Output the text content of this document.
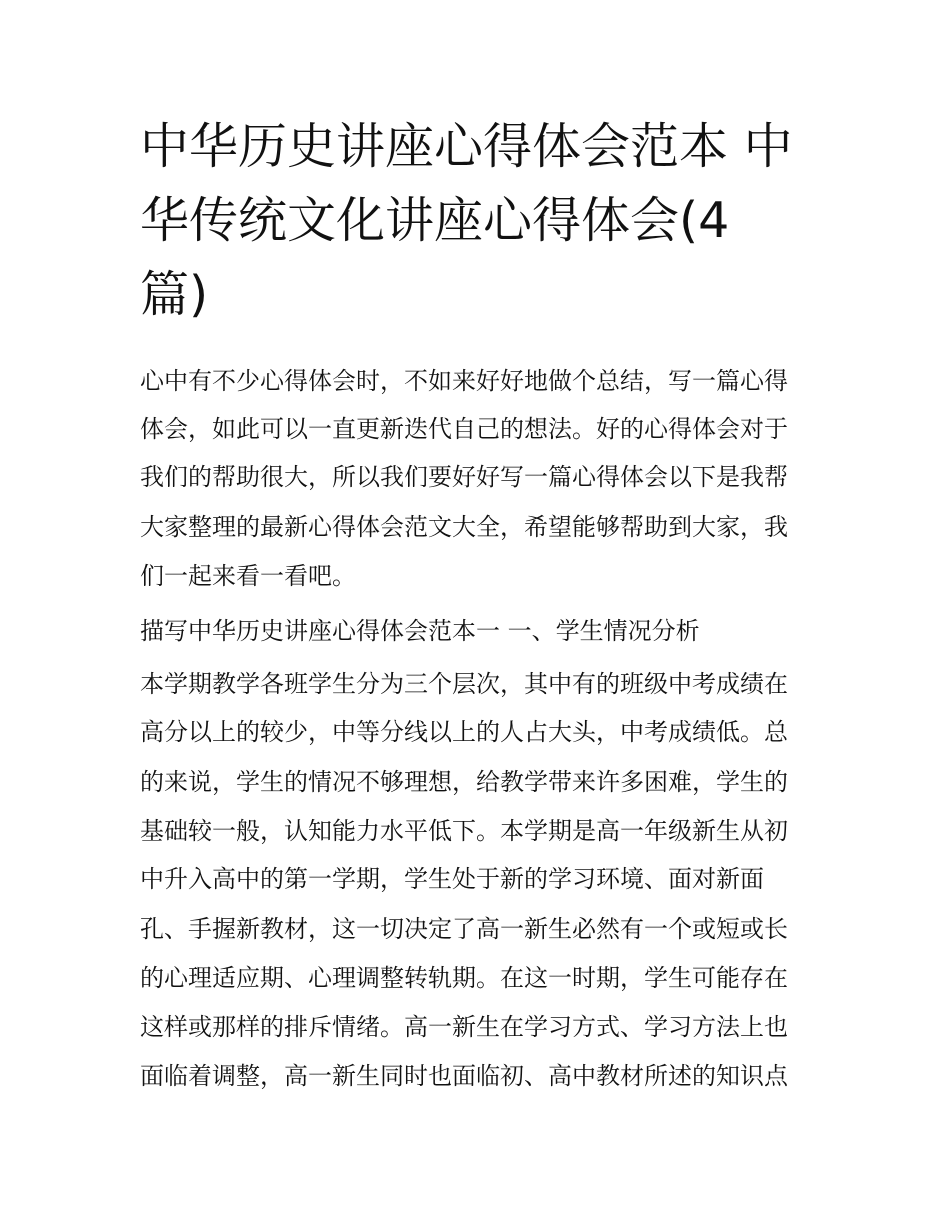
中华历史讲座心得体会范本 中
华传统文化讲座心得体会(4
篇)
心中有不少心得体会时，不如来好好地做个总结，写一篇心得
体会，如此可以一直更新迭代自己的想法。好的心得体会对于
我们的帮助很大，所以我们要好好写一篇心得体会以下是我帮
大家整理的最新心得体会范文大全，希望能够帮助到大家，我
们一起来看一看吧。
描写中华历史讲座心得体会范本一 一、学生情况分析
本学期教学各班学生分为三个层次，其中有的班级中考成绩在
高分以上的较少，中等分线以上的人占大头，中考成绩低。总
的来说，学生的情况不够理想，给教学带来许多困难，学生的
基础较一般，认知能力水平低下。本学期是高一年级新生从初
中升入高中的第一学期，学生处于新的学习环境、面对新面
孔、手握新教材，这一切决定了高一新生必然有一个或短或长
的心理适应期、心理调整转轨期。在这一时期，学生可能存在
这样或那样的排斥情绪。高一新生在学习方式、学习方法上也
面临着调整，高一新生同时也面临初、高中教材所述的知识点
